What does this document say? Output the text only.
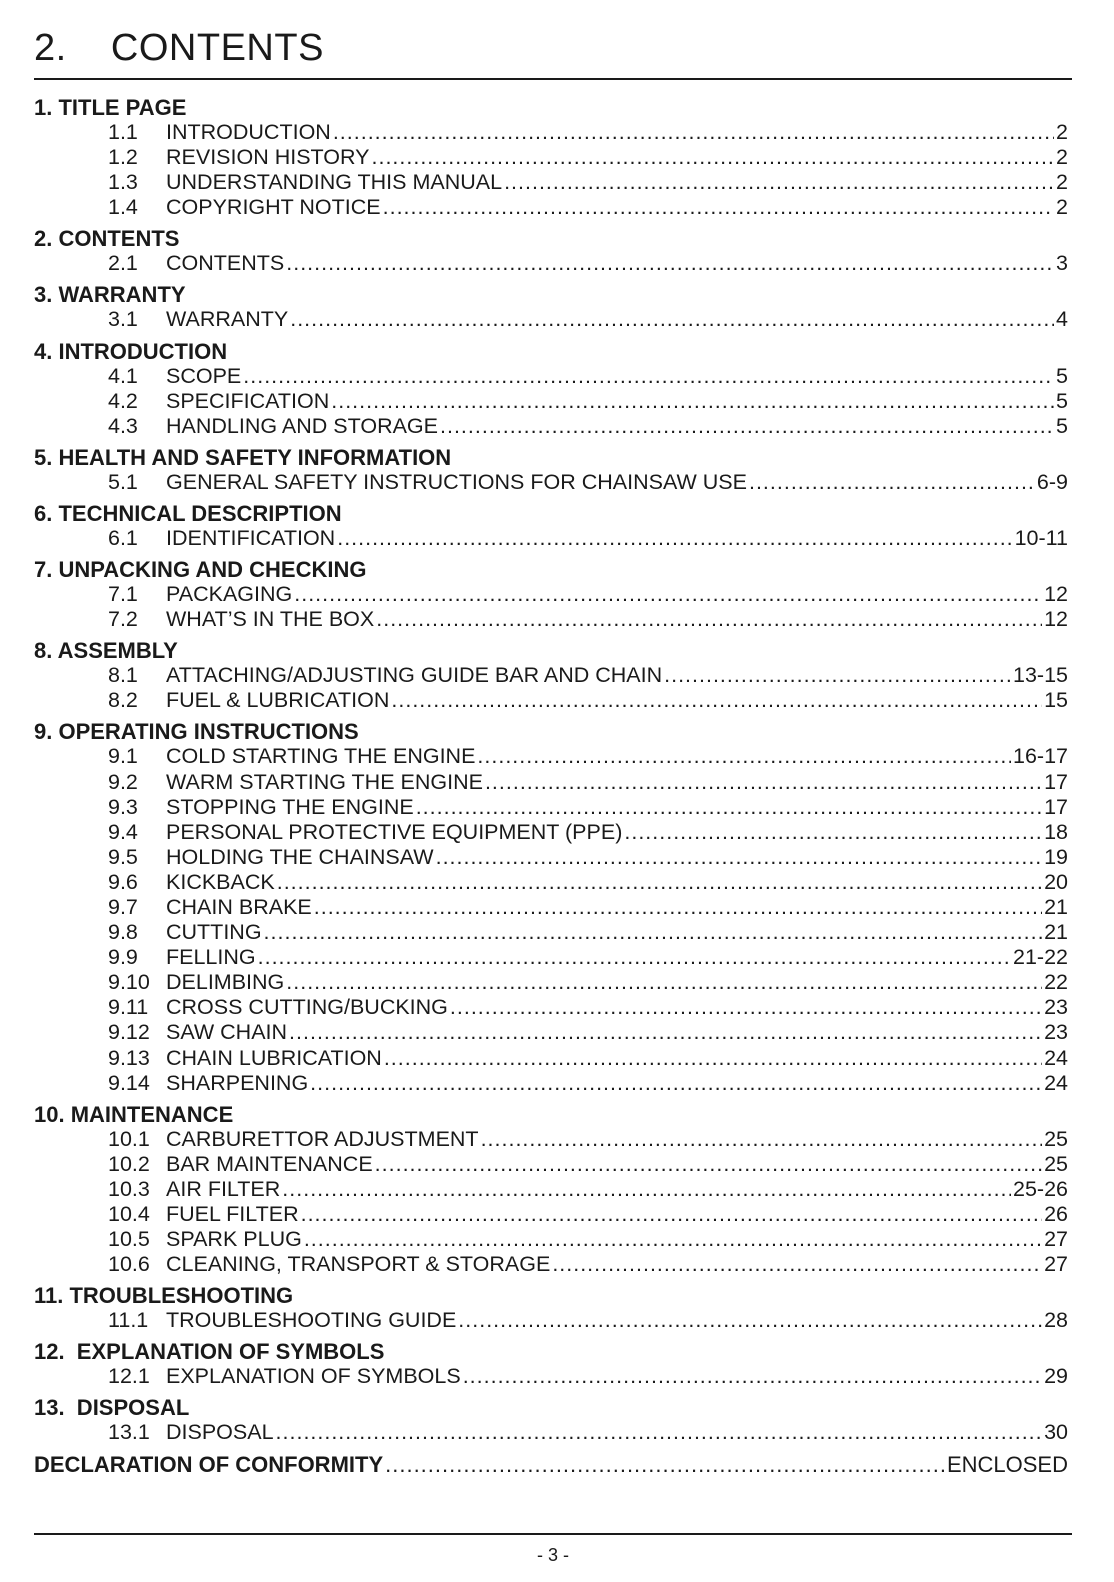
2.    CONTENTS
1. TITLE PAGE
1.1	INTRODUCTION .....	2
1.2	REVISION HISTORY .....	2
1.3	UNDERSTANDING THIS MANUAL .....	2
1.4	COPYRIGHT NOTICE .....	2
2. CONTENTS
2.1	CONTENTS .....	3
3. WARRANTY
3.1	WARRANTY .....	4
4. INTRODUCTION
4.1	SCOPE .....	5
4.2	SPECIFICATION .....	5
4.3	HANDLING AND STORAGE .....	5
5. HEALTH AND SAFETY INFORMATION
5.1	GENERAL SAFETY INSTRUCTIONS FOR CHAINSAW USE .....	6-9
6. TECHNICAL DESCRIPTION
6.1	IDENTIFICATION .....	10-11
7. UNPACKING AND CHECKING
7.1	PACKAGING .....	12
7.2	WHAT’S IN THE BOX .....	12
8. ASSEMBLY
8.1	ATTACHING/ADJUSTING GUIDE BAR AND CHAIN .....	13-15
8.2	FUEL & LUBRICATION .....	15
9. OPERATING INSTRUCTIONS
9.1	COLD STARTING THE ENGINE .....	16-17
9.2	WARM STARTING THE ENGINE .....	17
9.3	STOPPING THE ENGINE .....	17
9.4	PERSONAL PROTECTIVE EQUIPMENT (PPE) .....	18
9.5	HOLDING THE CHAINSAW .....	19
9.6	KICKBACK .....	20
9.7	CHAIN BRAKE .....	21
9.8	CUTTING .....	21
9.9	FELLING .....	21-22
9.10 DELIMBING .....	22
9.11 CROSS CUTTING/BUCKING .....	23
9.12 SAW CHAIN .....	23
9.13 CHAIN LUBRICATION .....	24
9.14 SHARPENING .....	24
10. MAINTENANCE
10.1 CARBURETTOR ADJUSTMENT .....	25
10.2 BAR MAINTENANCE .....	25
10.3 AIR FILTER .....	25-26
10.4 FUEL FILTER .....	26
10.5 SPARK PLUG .....	27
10.6 CLEANING, TRANSPORT & STORAGE .....	27
11. TROUBLESHOOTING
11.1 TROUBLESHOOTING GUIDE .....	28
12.  EXPLANATION OF SYMBOLS
12.1 EXPLANATION OF SYMBOLS .....	29
13.  DISPOSAL
13.1 DISPOSAL .....	30
DECLARATION OF CONFORMITY .....	ENCLOSED
- 3 -
